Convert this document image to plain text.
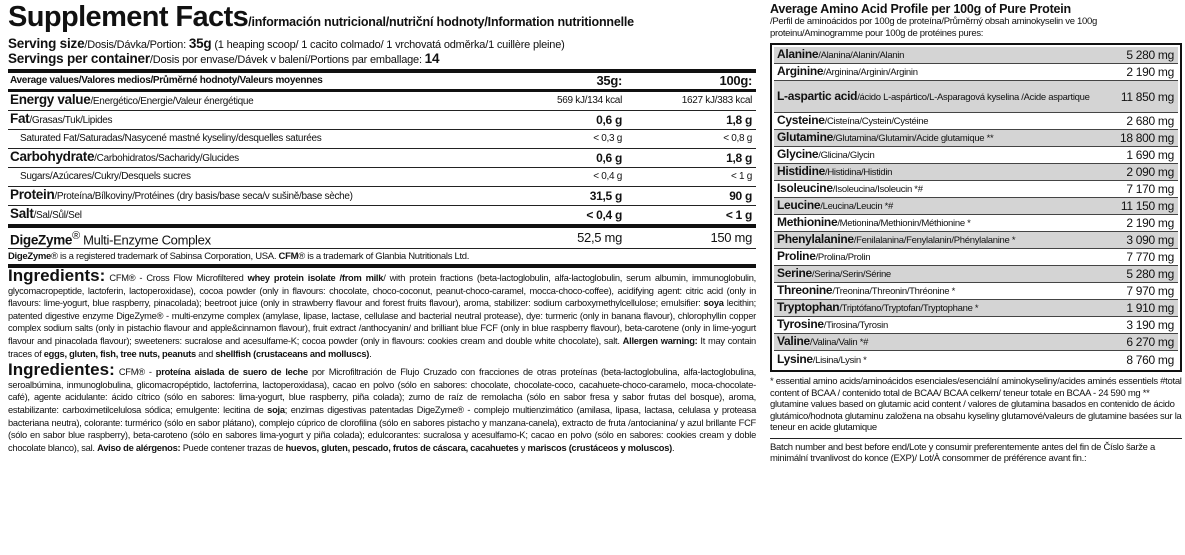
Supplement Facts/información nutricional/nutriční hodnoty/Information nutritionnelle
Serving size/Dosis/Dávka/Portion: 35g (1 heaping scoop/ 1 cacito colmado/ 1 vrchovatá odměrka/1 cuillère pleine)
Servings per container/Dosis por envase/Dávek v balení/Portions par emballage: 14
Average values/Valores medios/Průměrné hodnoty/Valeurs moyennes	35g:	100g:
Energy value/Energético/Energie/Valeur énergétique	569 kJ/134 kcal	1627 kJ/383 kcal
Fat/Grasas/Tuk/Lipides	0,6 g	1,8 g
Saturated Fat/Saturadas/Nasycené mastné kyseliny/desquelles saturées	< 0,3 g	< 0,8 g
Carbohydrate/Carbohidratos/Sacharidy/Glucides	0,6 g	1,8 g
Sugars/Azúcares/Cukry/Desquels sucres	< 0,4 g	< 1 g
Protein/Proteína/Bílkoviny/Protéines (dry basis/base seca/v sušině/base sèche)	31,5 g	90 g
Salt/Sal/Sůl/Sel	< 0,4 g	< 1 g
DigeZyme® Multi-Enzyme Complex	52,5 mg	150 mg
DigeZyme® is a registered trademark of Sabinsa Corporation, USA. CFM® is a trademark of Glanbia Nutritionals Ltd.
Ingredients: CFM® - Cross Flow Microfiltered whey protein isolate /from milk/ with protein fractions (beta-lactoglobulin, alfa-lactoglobulin, serum albumin, immunoglobulin, glycomacropeptide, lactoferin, lactoperoxidase), cocoa powder (only in flavours: chocolate, choco-coconut, peanut-choco-caramel, mocca-choco-coffee), acidifying agent: citric acid (only in flavours: lime-yogurt, blue raspberry, pinacolada); beetroot juice (only in strawberry flavour and forest fruits flavour), aroma, stabilizer: sodium carboxymethylcellulose; emulsifier: soya lecithin; patented digestive enzyme DigeZyme® - multi-enzyme complex (amylase, lipase, lactase, cellulase and bacterial neutral protease), dye: turmeric (only in banana flavour), chlorophyllin copper complex sodium salts (only in pistachio flavour and apple&cinnamon flavour), fruit extract /anthocyanin/ and brilliant blue FCF (only in blue raspberry flavour), beta-carotene (only in lime-yogurt flavour and pinacolada flavour); sweeteners: sucralose and acesulfame-K; cocoa powder (only in flavours: cookies cream and double white chocolate), salt. Allergen warning: It may contain traces of eggs, gluten, fish, tree nuts, peanuts and shellfish (crustaceans and molluscs).
Ingredientes: CFM® - proteína aislada de suero de leche por Microfiltración de Flujo Cruzado con fracciones de otras proteínas (beta-lactoglobulina, alfa-lactoglobulina, seroalbúmina, inmunoglobulina, glicomacropéptido, lactoferrina, lactoperoxidasa), cacao en polvo (sólo en sabores: chocolate, chocolate-coco, cacahuete-choco-caramelo, moca-chocolate-café), agente acidulante: ácido cítrico (sólo en sabores: lima-yogurt, blue raspberry, piña colada); zumo de raíz de remolacha (sólo en sabor fresa y sabor frutas del bosque), aroma, estabilizante: carboximetilcelulosa sódica; emulgente: lecitina de soja; enzimas digestivas patentadas DigeZyme® - complejo multienzimático (amilasa, lipasa, lactasa, celulasa y proteasa bacteriana neutra), colorante: turmérico (sólo en sabor plátano), complejo cúprico de clorofilina (sólo en sabores pistacho y manzana-canela), extracto de fruta /antocianina/ y azul brillante FCF (sólo en sabor blue raspberry), beta-caroteno (sólo en sabores lima-yogurt y piña colada); edulcorantes: sucralosa y acesulfamo-K; cacao en polvo (sólo en sabores: cookies cream y doble chocolate blanco), sal. Aviso de alérgenos: Puede contener trazas de huevos, gluten, pescado, frutos de cáscara, cacahuetes y mariscos (crustáceos y moluscos).
Average Amino Acid Profile per 100g of Pure Protein
/Perfil de aminoácidos por 100g de proteína/Průměrný obsah aminokyselin ve 100g proteinu/Aminogramme pour 100g de protéines pures:
Alanine/Alanina/Alanin/Alanin	5 280 mg
Arginine/Arginina/Arginin/Arginin	2 190 mg
L-aspartic acid/ácido L-aspártico/L-Asparagová kyselina /Acide aspartique	11 850 mg
Cysteine/Cisteína/Cystein/Cystéine	2 680 mg
Glutamine/Glutamina/Glutamin/Acide glutamique **	18 800 mg
Glycine/Glicina/Glycin	1 690 mg
Histidine/Histidina/Histidin	2 090 mg
Isoleucine/Isoleucina/Isoleucin *#	7 170 mg
Leucine/Leucina/Leucin *#	11 150 mg
Methionine/Metionina/Methionin/Méthionine *	2 190 mg
Phenylalanine/Fenilalanina/Fenylalanin/Phénylalanine *	3 090 mg
Proline/Prolina/Prolin	7 770 mg
Serine/Serina/Serin/Sérine	5 280 mg
Threonine/Treonina/Threonin/Thréonine *	7 970 mg
Tryptophan/Triptófano/Tryptofan/Tryptophane *	1 910 mg
Tyrosine/Tirosina/Tyrosin	3 190 mg
Valine/Valina/Valin *#	6 270 mg
Lysine/Lisina/Lysin *	8 760 mg
* essential amino acids/aminoácidos esenciales/esenciální aminokyseliny/acides aminés essentiels #total content of BCAA / contenido total de BCAA/ BCAA celkem/ teneur totale en BCAA - 24 590 mg ** glutamine values based on glutamic acid content / valores de glutamina basados en contenido de ácido glutámico/hodnota glutaminu založena na obsahu kyseliny glutamové/valeurs de glutamine basées sur la teneur en acide glutamique
Batch number and best before end/Lote y consumir preferentemente antes del fin de Číslo šarže a minimální trvanlivost do konce (EXP)/ Lot/À consommer de préférence avant fin.:
